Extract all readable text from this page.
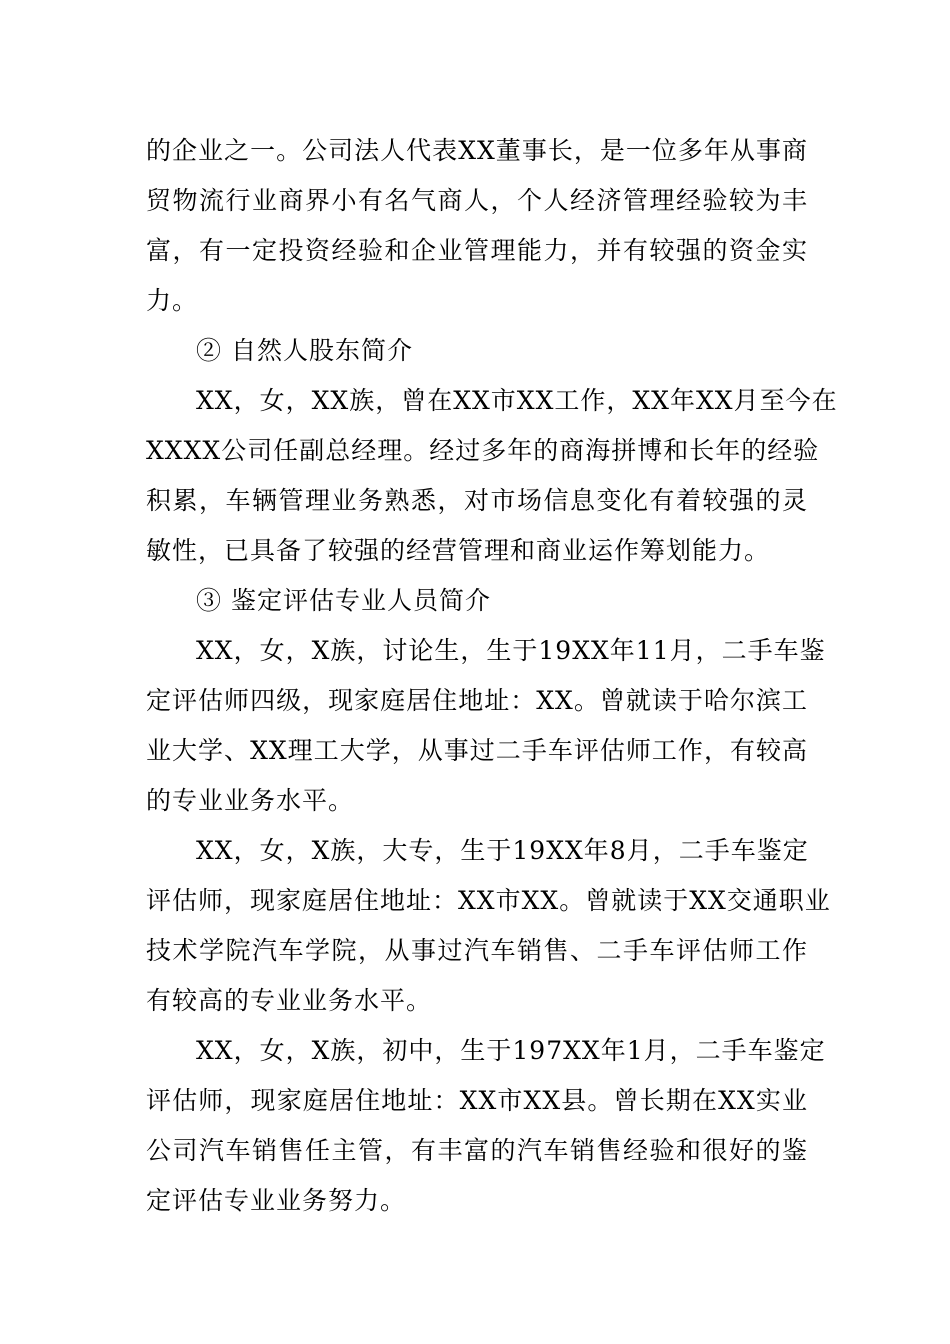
的企业之一。公司法人代表XX董事长，是一位多年从事商
贸物流行业商界小有名气商人，个人经济管理经验较为丰
富，有一定投资经验和企业管理能力，并有较强的资金实
力。
② 自然人股东简介
XX，女，XX族，曾在XX市XX工作，XX年XX月至今在
XXXX公司任副总经理。经过多年的商海拼博和长年的经验
积累，车辆管理业务熟悉，对市场信息变化有着较强的灵
敏性，已具备了较强的经营管理和商业运作筹划能力。
③ 鉴定评估专业人员简介
XX，女，X族，讨论生，生于19XX年11月，二手车鉴
定评估师四级，现家庭居住地址：XX。曾就读于哈尔滨工
业大学、XX理工大学，从事过二手车评估师工作，有较高
的专业业务水平。
XX，女，X族，大专，生于19XX年8月，二手车鉴定
评估师，现家庭居住地址：XX市XX。曾就读于XX交通职业
技术学院汽车学院，从事过汽车销售、二手车评估师工作
有较高的专业业务水平。
XX，女，X族，初中，生于197XX年1月，二手车鉴定
评估师，现家庭居住地址：XX市XX县。曾长期在XX实业
公司汽车销售任主管，有丰富的汽车销售经验和很好的鉴
定评估专业业务努力。
